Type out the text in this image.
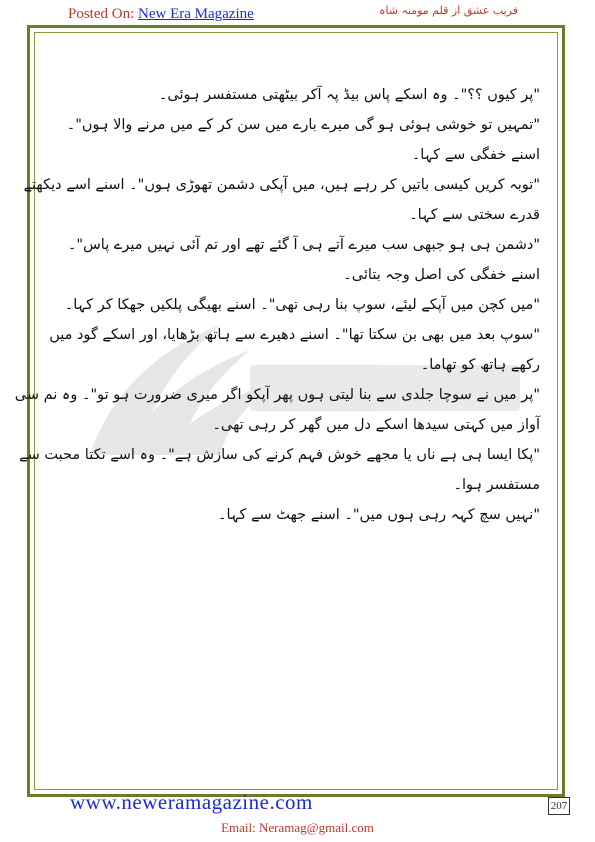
Posted On: New Era Magazine	فریب عشق از قلم مومنہ شاہ
"پر کیوں ؟؟"۔ وہ اسکے پاس بیڈ پہ آکر بیٹھتی مستفسر ہوئی۔
"تمہیں تو خوشی ہوئی ہو گی میرے بارے میں سن کر کے میں مرنے والا ہوں"۔
اسنے خفگی سے کہا۔
"توبہ کریں کیسی باتیں کر رہے ہیں، میں آپکی دشمن تھوڑی ہوں"۔ اسنے اسے دیکھتے
قدرے سختی سے کہا۔
"دشمن ہی ہو جبھی سب میرے آتے ہی آ گئے تھے اور تم آئی نہیں میرے پاس"۔
اسنے خفگی کی اصل وجہ بتائی۔
"میں کچن میں آپکے لیئے، سوپ بنا رہی تھی"۔ اسنے بھیگی پلکیں جھکا کر کہا۔
"سوپ بعد میں بھی بن سکتا تھا"۔ اسنے دھیرے سے ہاتھ بڑھایا، اور اسکے گود میں
رکھے ہاتھ کو تھاما۔
"پر میں نے سوچا جلدی سے بنا لیتی ہوں پھر آپکو اگر میری ضرورت ہو تو"۔ وہ نم سی
آواز میں کہتی سیدھا اسکے دل میں گھر کر رہی تھی۔
"پکا ایسا ہی ہے ناں یا مجھے خوش فہم کرنے کی سازش ہے"۔ وہ اسے تکتا محبت سے
مستفسر ہوا۔
"نہیں سچ کہہ رہی ہوں میں"۔ اسنے جھٹ سے کہا۔
www.neweramagazine.com	207
Email: Neramag@gmail.com
